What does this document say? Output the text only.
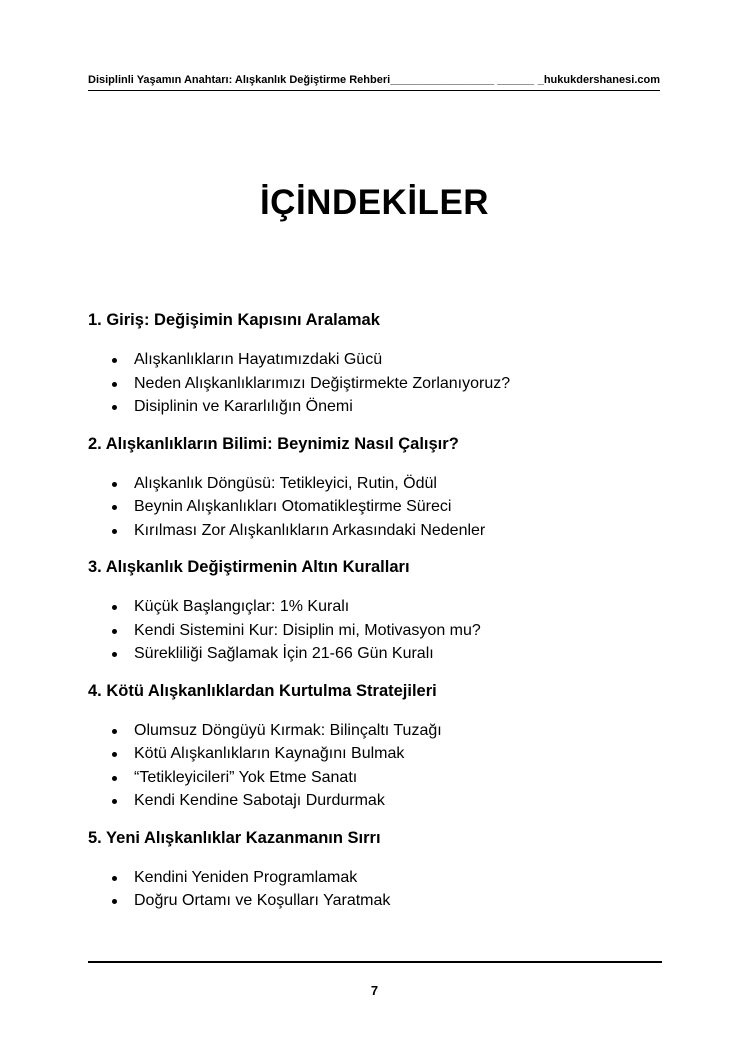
Disiplinli Yaşamın Anahtarı: Alışkanlık Değiştirme Rehberi_________________ ______ _hukukdershanesi.com
İÇİNDEKİLER
1. Giriş: Değişimin Kapısını Aralamak
Alışkanlıkların Hayatımızdaki Gücü
Neden Alışkanlıklarımızı Değiştirmekte Zorlanıyoruz?
Disiplinin ve Kararlılığın Önemi
2. Alışkanlıkların Bilimi: Beynimiz Nasıl Çalışır?
Alışkanlık Döngüsü: Tetikleyici, Rutin, Ödül
Beynin Alışkanlıkları Otomatikleştirme Süreci
Kırılması Zor Alışkanlıkların Arkasındaki Nedenler
3. Alışkanlık Değiştirmenin Altın Kuralları
Küçük Başlangıçlar: 1% Kuralı
Kendi Sistemini Kur: Disiplin mi, Motivasyon mu?
Sürekliliği Sağlamak İçin 21-66 Gün Kuralı
4. Kötü Alışkanlıklardan Kurtulma Stratejileri
Olumsuz Döngüyü Kırmak: Bilinçaltı Tuzağı
Kötü Alışkanlıkların Kaynağını Bulmak
“Tetikleyicileri” Yok Etme Sanatı
Kendi Kendine Sabotajı Durdurmak
5. Yeni Alışkanlıklar Kazanmanın Sırrı
Kendini Yeniden Programlamak
Doğru Ortamı ve Koşulları Yaratmak
7
